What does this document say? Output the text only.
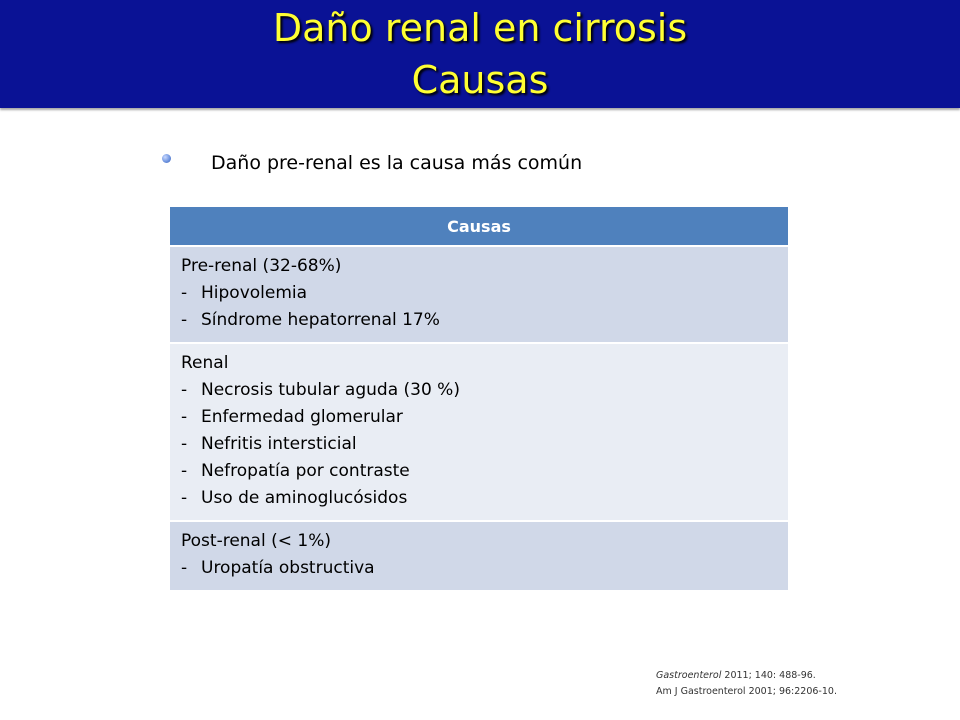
Daño renal en cirrosis
Causas
Daño pre-renal es la causa más común
Causas

Pre-renal (32-68%)
- Hipovolemia
- Síndrome hepatorrenal 17%

Renal
- Necrosis tubular aguda (30 %)
- Enfermedad glomerular
- Nefritis intersticial
- Nefropatía por contraste
- Uso de aminoglucósidos

Post-renal (< 1%)
- Uropatía obstructiva
Gastroenterol 2011; 140: 488-96.
Am J Gastroenterol 2001; 96:2206-10.
